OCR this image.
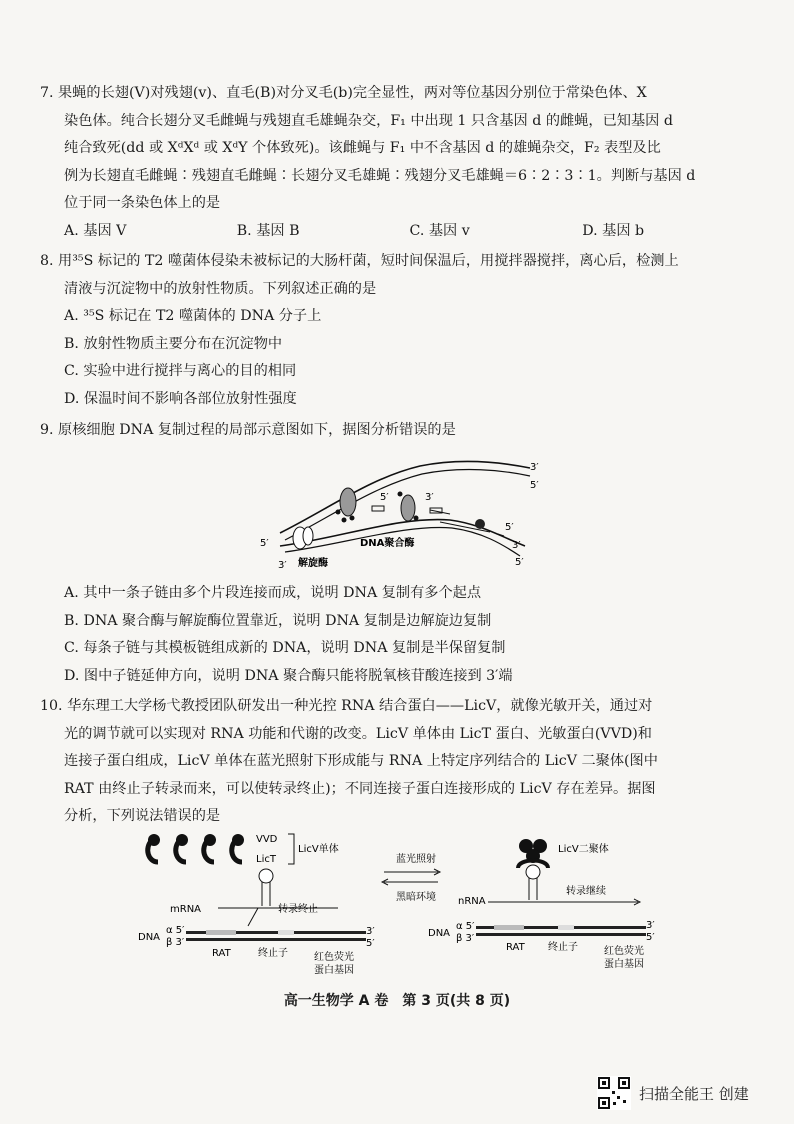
7. 果蝇的长翅(V)对残翅(v)、直毛(B)对分叉毛(b)完全显性，两对等位基因分别位于常染色体、X
染色体。纯合长翅分叉毛雌蝇与残翅直毛雄蝇杂交，F₁ 中出现 1 只含基因 d 的雌蝇，已知基因 d
纯合致死(dd 或 XᵈXᵈ 或 XᵈY 个体致死)。该雌蝇与 F₁ 中不含基因 d 的雄蝇杂交，F₂ 表型及比
例为长翅直毛雌蝇∶残翅直毛雌蝇∶长翅分叉毛雄蝇∶残翅分叉毛雄蝇＝6∶2∶3∶1。判断与基因 d
位于同一条染色体上的是
A. 基因 V	B. 基因 B	C. 基因 v	D. 基因 b
8. 用³⁵S 标记的 T2 噬菌体侵染未被标记的大肠杆菌，短时间保温后，用搅拌器搅拌，离心后，检测上
清液与沉淀物中的放射性物质。下列叙述正确的是
A. ³⁵S 标记在 T2 噬菌体的 DNA 分子上
B. 放射性物质主要分布在沉淀物中
C. 实验中进行搅拌与离心的目的相同
D. 保温时间不影响各部位放射性强度
9. 原核细胞 DNA 复制过程的局部示意图如下，据图分析错误的是
3′
5′
5′	3′
5′
3′
5′
5′
3′
DNA聚合酶
解旋酶
A. 其中一条子链由多个片段连接而成，说明 DNA 复制有多个起点
B. DNA 聚合酶与解旋酶位置靠近，说明 DNA 复制是边解旋边复制
C. 每条子链与其模板链组成新的 DNA，说明 DNA 复制是半保留复制
D. 图中子链延伸方向，说明 DNA 聚合酶只能将脱氧核苷酸连接到 3′端
10. 华东理工大学杨弋教授团队研发出一种光控 RNA 结合蛋白——LicV，就像光敏开关，通过对
光的调节就可以实现对 RNA 功能和代谢的改变。LicV 单体由 LicT 蛋白、光敏蛋白(VVD)和
连接子蛋白组成，LicV 单体在蓝光照射下形成能与 RNA 上特定序列结合的 LicV 二聚体(图中
RAT 由终止子转录而来，可以使转录终止)；不同连接子蛋白连接形成的 LicV 存在差异。据图
分析，下列说法错误的是
VVD
LicT
LicV单体
mRNA	转录终止
DNA
α 5′
β 3′
3′
5′
RAT	终止子	红色荧光
蛋白基因
蓝光照射
黑暗环境
LicV二聚体
nRNA
转录继续
DNA
α 5′
β 3′
3′
5′
RAT 终止子	红色荧光
蛋白基因
高一生物学 A 卷　第 3 页(共 8 页)
扫描全能王 创建
